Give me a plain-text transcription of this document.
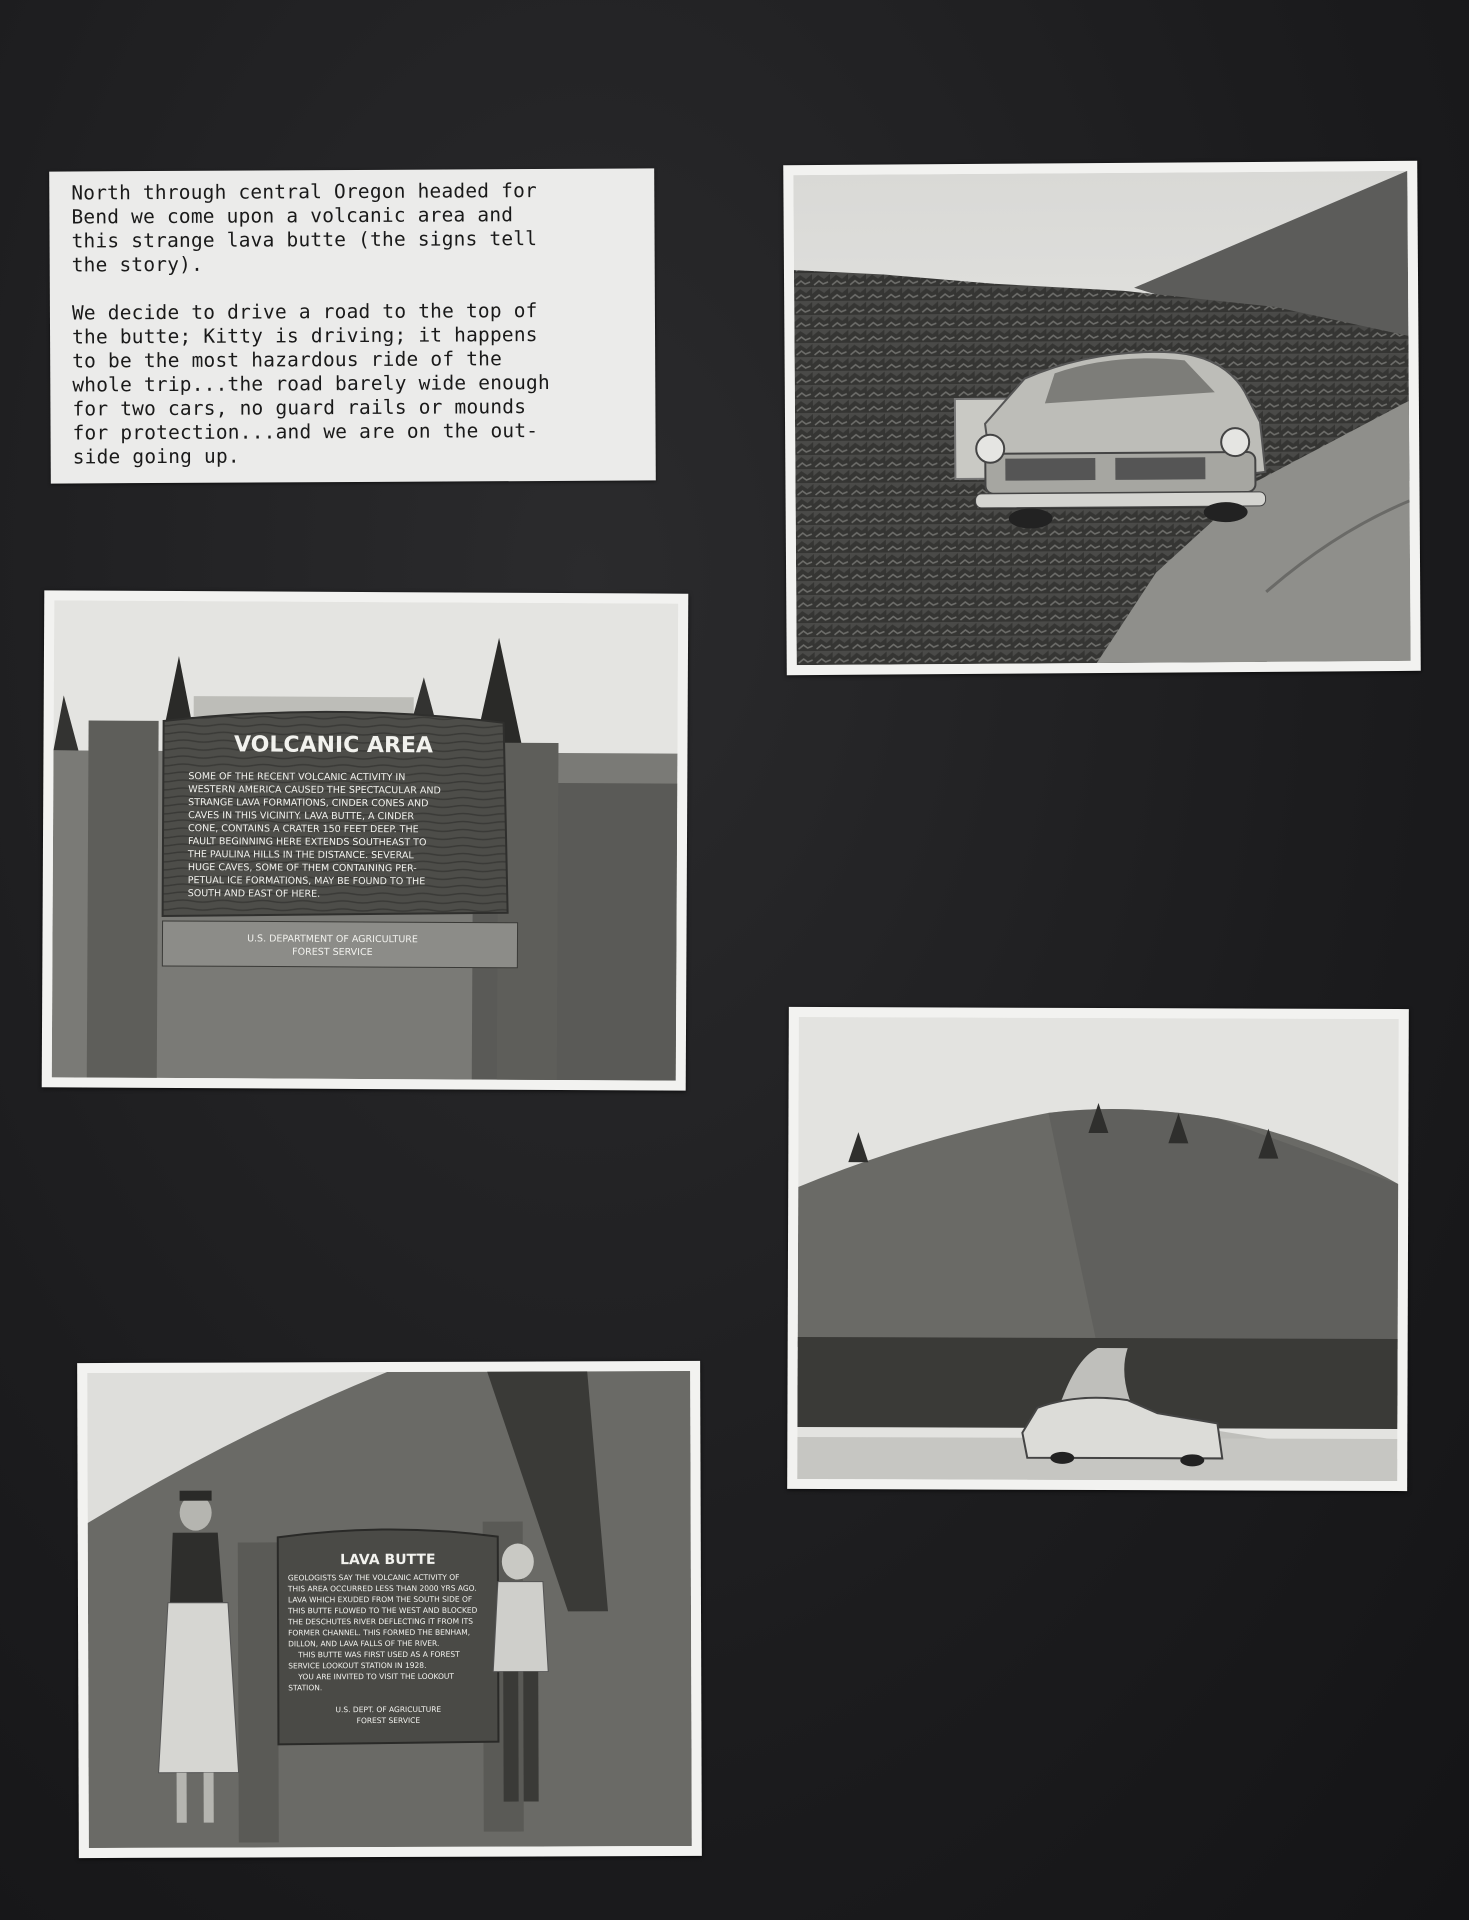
North through central Oregon headed for
Bend we come upon a volcanic area and
this strange lava butte (the signs tell
the story).

We decide to drive a road to the top of
the butte; Kitty is driving; it happens
to be the most hazardous ride of the
whole trip...the road barely wide enough
for two cars, no guard rails or mounds
for protection...and we are on the out-
side going up.

VOLCANIC AREA
SOME OF THE RECENT VOLCANIC ACTIVITY IN
WESTERN AMERICA CAUSED THE SPECTACULAR AND
STRANGE LAVA FORMATIONS, CINDER CONES AND
CAVES IN THIS VICINITY. LAVA BUTTE, A CINDER
CONE, CONTAINS A CRATER 150 FEET DEEP. THE
FAULT BEGINNING HERE EXTENDS SOUTHEAST TO
THE PAULINA HILLS IN THE DISTANCE. SEVERAL
HUGE CAVES, SOME OF THEM CONTAINING PER-
PETUAL ICE FORMATIONS, MAY BE FOUND TO THE
SOUTH AND EAST OF HERE.
U.S. DEPARTMENT OF AGRICULTURE
FOREST SERVICE
LAVA BUTTE
GEOLOGISTS SAY THE VOLCANIC ACTIVITY OF
THIS AREA OCCURRED LESS THAN 2000 YRS AGO.
LAVA WHICH EXUDED FROM THE SOUTH SIDE OF
THIS BUTTE FLOWED TO THE WEST AND BLOCKED
THE DESCHUTES RIVER DEFLECTING IT FROM ITS
FORMER CHANNEL. THIS FORMED THE BENHAM,
DILLON, AND LAVA FALLS OF THE RIVER.
THIS BUTTE WAS FIRST USED AS A FOREST
SERVICE LOOKOUT STATION IN 1928.
YOU ARE INVITED TO VISIT THE LOOKOUT
STATION.
U.S. DEPT. OF AGRICULTURE
FOREST SERVICE
